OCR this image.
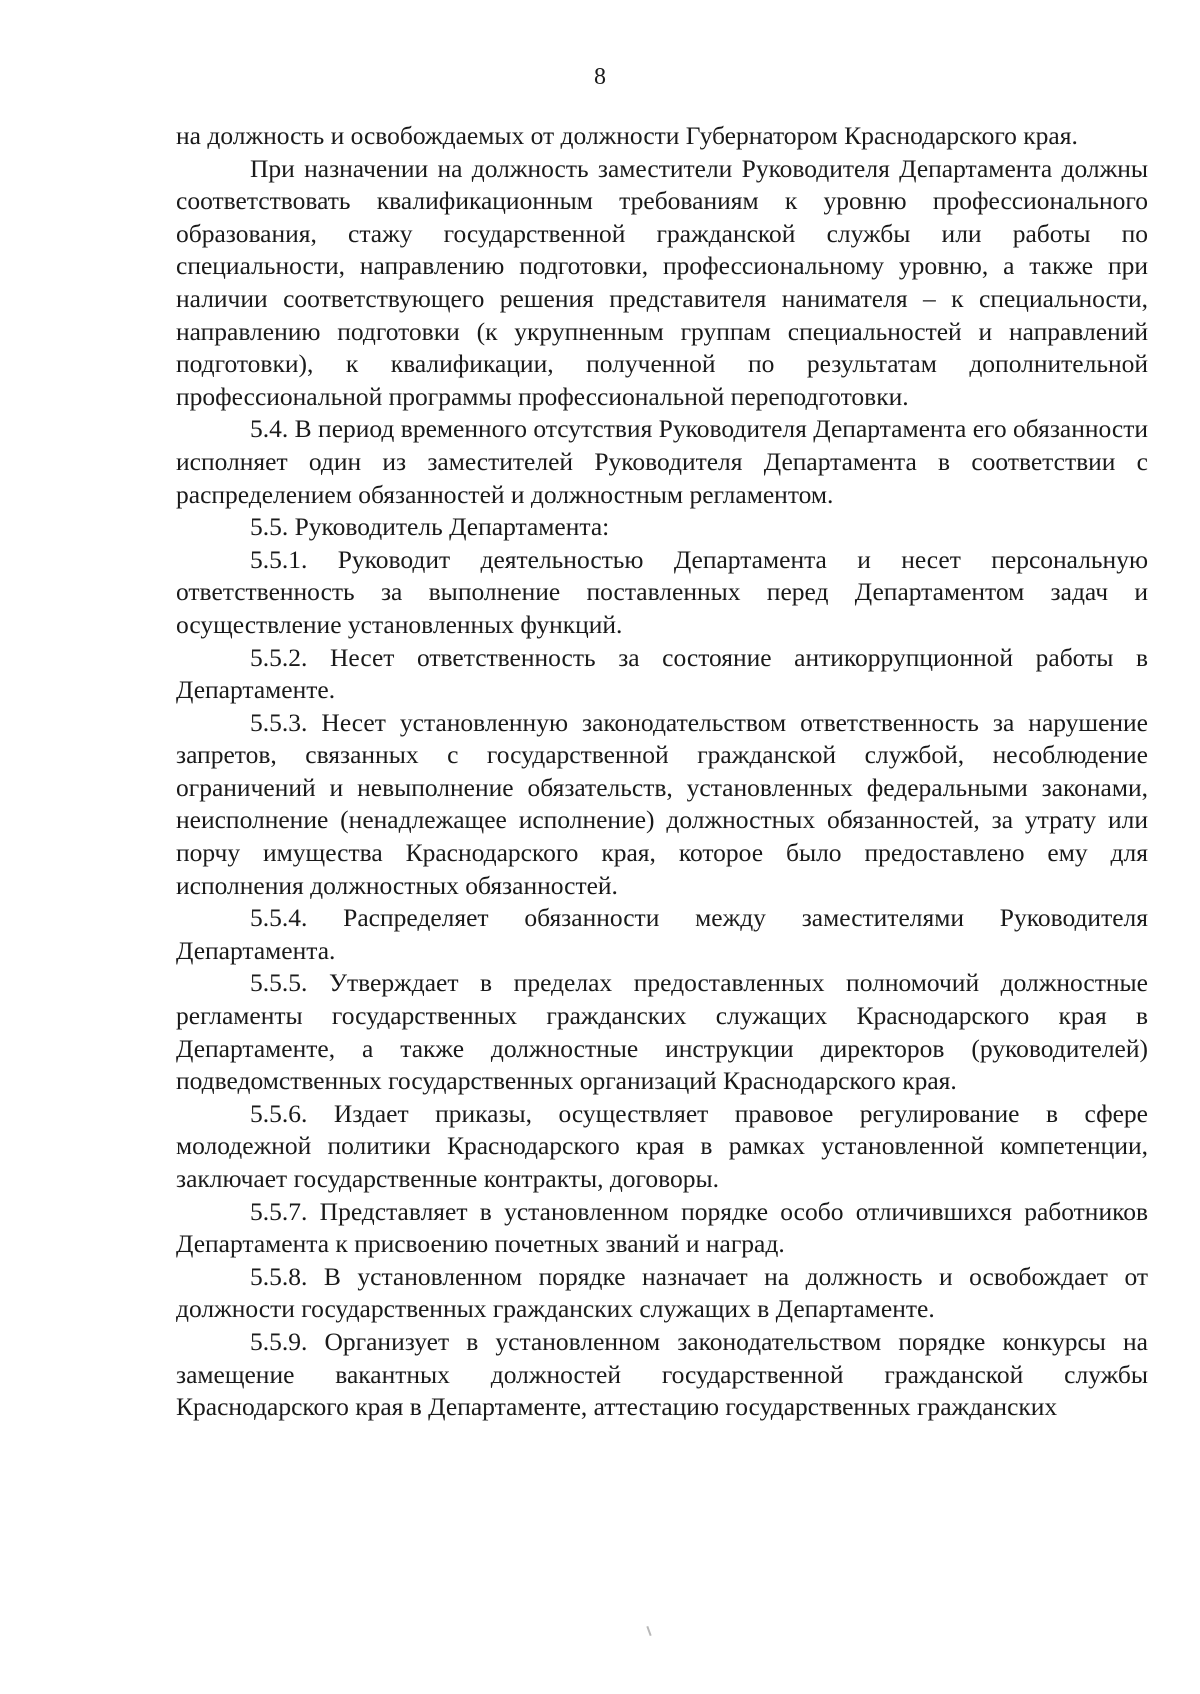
8

на должность и освобождаемых от должности Губернатором Краснодарского края.

При назначении на должность заместители Руководителя Департамента должны соответствовать квалификационным требованиям к уровню профессионального образования, стажу государственной гражданской службы или работы по специальности, направлению подготовки, профессиональному уровню, а также при наличии соответствующего решения представителя нанимателя – к специальности, направлению подготовки (к укрупненным группам специальностей и направлений подготовки), к квалификации, полученной по результатам дополнительной профессиональной программы профессиональной переподготовки.

5.4. В период временного отсутствия Руководителя Департамента его обязанности исполняет один из заместителей Руководителя Департамента в соответствии с распределением обязанностей и должностным регламентом.

5.5. Руководитель Департамента:

5.5.1. Руководит деятельностью Департамента и несет персональную ответственность за выполнение поставленных перед Департаментом задач и осуществление установленных функций.

5.5.2. Несет ответственность за состояние антикоррупционной работы в Департаменте.

5.5.3. Несет установленную законодательством ответственность за нарушение запретов, связанных с государственной гражданской службой, несоблюдение ограничений и невыполнение обязательств, установленных федеральными законами, неисполнение (ненадлежащее исполнение) должностных обязанностей, за утрату или порчу имущества Краснодарского края, которое было предоставлено ему для исполнения должностных обязанностей.

5.5.4. Распределяет обязанности между заместителями Руководителя Департамента.

5.5.5. Утверждает в пределах предоставленных полномочий должностные регламенты государственных гражданских служащих Краснодарского края в Департаменте, а также должностные инструкции директоров (руководителей) подведомственных государственных организаций Краснодарского края.

5.5.6. Издает приказы, осуществляет правовое регулирование в сфере молодежной политики Краснодарского края в рамках установленной компетенции, заключает государственные контракты, договоры.

5.5.7. Представляет в установленном порядке особо отличившихся работников Департамента к присвоению почетных званий и наград.

5.5.8. В установленном порядке назначает на должность и освобождает от должности государственных гражданских служащих в Департаменте.

5.5.9. Организует в установленном законодательством порядке конкурсы на замещение вакантных должностей государственной гражданской службы Краснодарского края в Департаменте, аттестацию государственных гражданских
